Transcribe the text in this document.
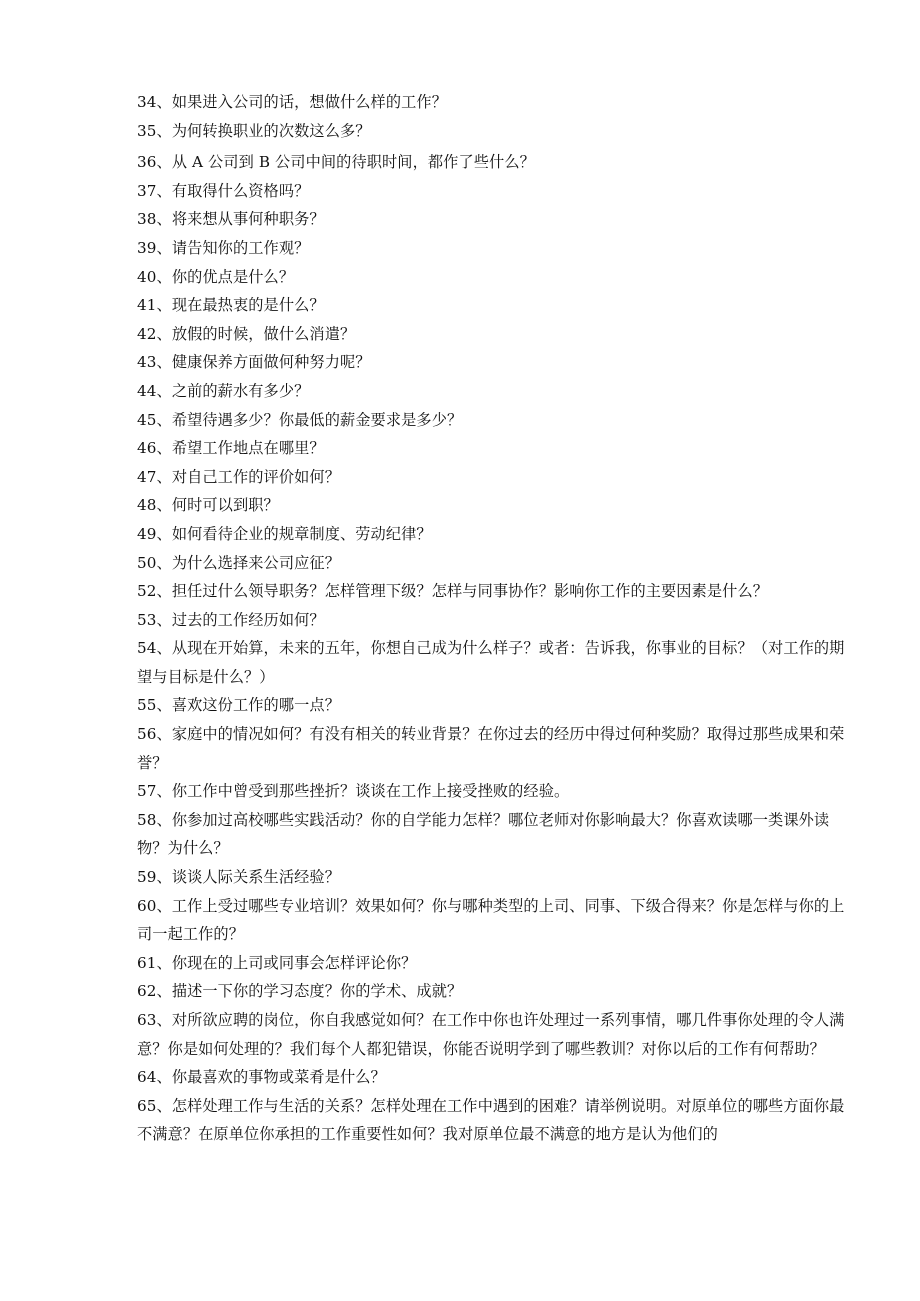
34、如果进入公司的话，想做什么样的工作？

35、为何转换职业的次数这么多？

36、从 A 公司到 B 公司中间的待职时间，都作了些什么？

37、有取得什么资格吗？

38、将来想从事何种职务？

39、请告知你的工作观？

40、你的优点是什么？

41、现在最热衷的是什么？

42、放假的时候，做什么消遣？

43、健康保养方面做何种努力呢？

44、之前的薪水有多少？

45、希望待遇多少？你最低的薪金要求是多少？

46、希望工作地点在哪里？

47、对自己工作的评价如何？

48、何时可以到职？

49、如何看待企业的规章制度、劳动纪律？

50、为什么选择来公司应征？

52、担任过什么领导职务？怎样管理下级？怎样与同事协作？影响你工作的主要因素是什么？

53、过去的工作经历如何？

54、从现在开始算，未来的五年，你想自己成为什么样子？或者：告诉我，你事业的目标？（对工作的期望与目标是什么？）

55、喜欢这份工作的哪一点？

56、家庭中的情况如何？有没有相关的转业背景？在你过去的经历中得过何种奖励？取得过那些成果和荣誉？

57、你工作中曾受到那些挫折？谈谈在工作上接受挫败的经验。

58、你参加过高校哪些实践活动？你的自学能力怎样？哪位老师对你影响最大？你喜欢读哪一类课外读物？为什么？

59、谈谈人际关系生活经验？

60、工作上受过哪些专业培训？效果如何？你与哪种类型的上司、同事、下级合得来？你是怎样与你的上司一起工作的？

61、你现在的上司或同事会怎样评论你？

62、描述一下你的学习态度？你的学术、成就？

63、对所欲应聘的岗位，你自我感觉如何？在工作中你也许处理过一系列事情，哪几件事你处理的令人满意？你是如何处理的？我们每个人都犯错误，你能否说明学到了哪些教训？对你以后的工作有何帮助？

64、你最喜欢的事物或菜肴是什么？

65、怎样处理工作与生活的关系？怎样处理在工作中遇到的困难？请举例说明。对原单位的哪些方面你最不满意？在原单位你承担的工作重要性如何？我对原单位最不满意的地方是认为他们的
